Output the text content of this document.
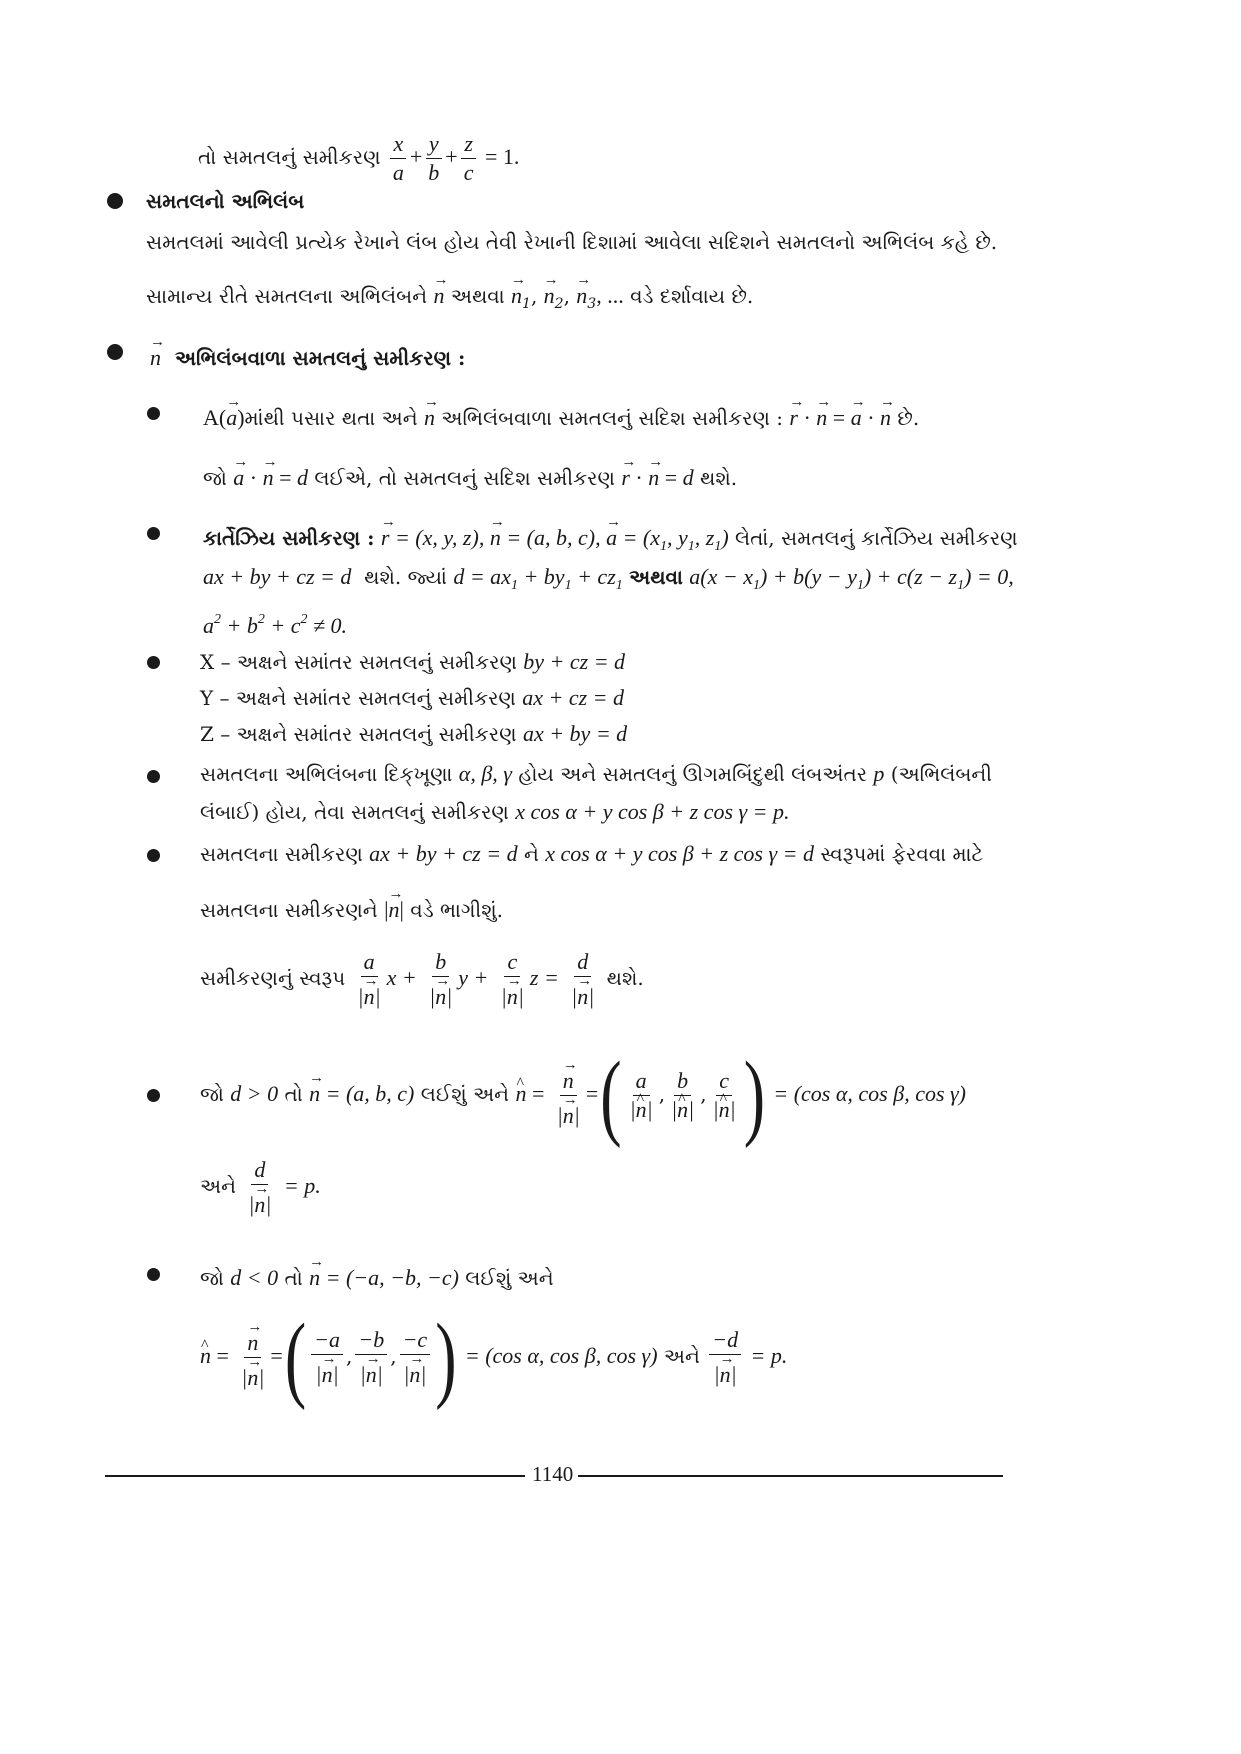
તો સમતલનું સમીકરણ $\frac{x}{a} + \frac{y}{b} + \frac{z}{c} = 1$.
સમતલનો અભિલંબ
સમતલમાં આવેલી પ્રત્યેક રેખાને લંબ હોય તેવી રેખાની દિશામાં આવેલા સદિશને સમતલનો અભિલંબ કહે છે.
સામાન્ય રીતે સમતલના અભિલંબને → n અથવા → $n_1$, → $n_2$, → $n_3$, ... વડે દર્શાવાય છે.
→ n અભિલંબવાળા સમતલનું સમીકરણ :
A(→ a)માંથી પસાર થતા અને → n અભિલંબવાળા સમતલનું સદિશ સમીકરણ : → r · → n = → a · → n છે.
જો → a · → n = d લઈએ, તો સમતલનું સદિશ સમીકરણ → r · → n = d થશે.
કાર્તેઝિય સમીકરણ : → r = (x, y, z), → n = (a, b, c), → $a = (x_1$, $y_1$, $z_1$) લેતાં, સમતલનું કાર્તેઝિય સમીકરણ
ax + by + cz = d થશે. જ્યાં $d = ax_1 + by_1 + cz_1$ અથવા $a(x - x_1) + b(y - y_1) + c(z - z_1) = 0$,
$a^2 + b^2 + c^2 \ne 0$.
X – અક્ષને સમાંતર સમતલનું સમીકરણ by + cz = d
Y – અક્ષને સમાંતર સમતલનું સમીકરણ ax + cz = d
Z – અક્ષને સમાંતર સમતલનું સમીકરણ ax + by = d
સમતલના અભિલંબના દિક્‌ખૂણા α, β, γ હોય અને સમતલનું ઊગમબિંદુથી લંબઅંતર p (અભિલંબની
લંબાઈ) હોય, તેવા સમતલનું સમીકરણ x cos α + y cos β + z cos γ = p.
સમતલના સમીકરણ ax + by + cz = d ને x cos α + y cos β + z cos γ = d સ્વરૂપમાં ફેરવવા માટે
સમતલના સમીકરણને |→ n| વડે ભાગીશું.
સમીકરણનું સ્વરૂપ $\frac{a}{|\to n|}$ $x + \frac{b}{|\to n|}$ $y + \frac{c}{|\to n|}$ $z = \frac{d}{|\to n|}$ થશે.
જો d > 0 તો → n = (a, b, c) લઈશું અને ^ n = → $\frac{n}{|\to n|}$ =( $\frac{a}{|\^{} n|}$ , $\frac{b}{|\^{} n|}$ , $\frac{c}{|\^{} n|}$ ) = (cos α, cos β, cos γ)
અને $\frac{d}{|\to n|} = p$.
જો d < 0 તો → n = (−a, −b, −c) લઈશું અને
^ n = → $\frac{n}{|\to n|}$ =( $\frac{-a}{|\to n|}$ , $\frac{-b}{|\to n|}$ , $\frac{-c}{|\to n|}$ ) = (cos α, cos β, cos γ) અને $\frac{-d}{|\to n|} = p$.
1140
